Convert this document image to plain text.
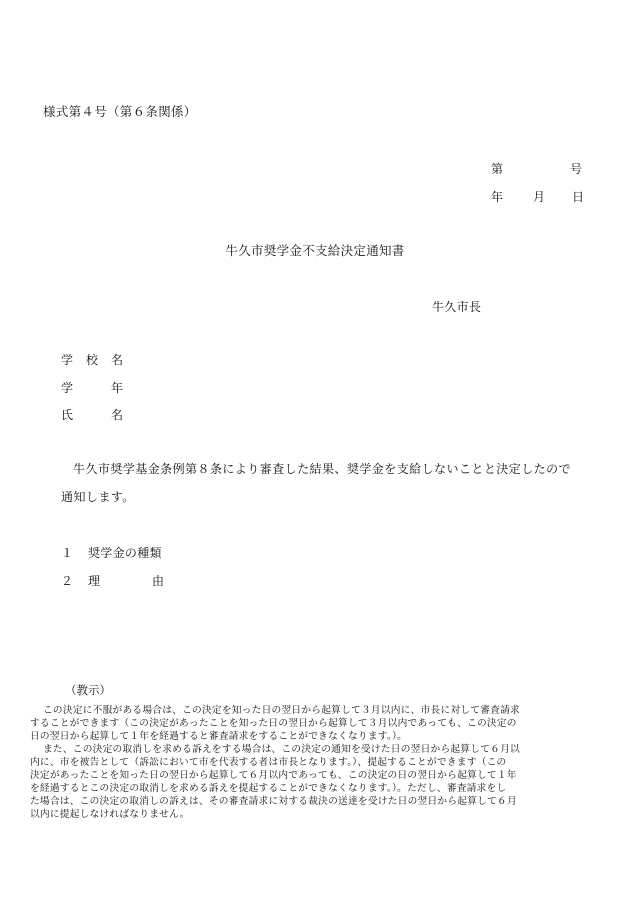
様式第４号（第６条関係）
第	号
年 月 日
牛久市奨学金不支給決定通知書
牛久市長
学 校 名
学	年
氏	名
牛久市奨学基金条例第８条により審査した結果、奨学金を支給しないことと決定したので
通知します。
１ 奨学金の種類
２ 理	由
（教示）
この決定に不服がある場合は、この決定を知った日の翌日から起算して３月以内に、市長に対して審査請求
することができます（この決定があったことを知った日の翌日から起算して３月以内であっても、この決定の
日の翌日から起算して１年を経過すると審査請求をすることができなくなります。）。
また、この決定の取消しを求める訴えをする場合は、この決定の通知を受けた日の翌日から起算して６月以
内に、市を被告として（訴訟において市を代表する者は市長となります。）、提起することができます（この
決定があったことを知った日の翌日から起算して６月以内であっても、この決定の日の翌日から起算して１年
を経過するとこの決定の取消しを求める訴えを提起することができなくなります。）。ただし、審査請求をし
た場合は、この決定の取消しの訴えは、その審査請求に対する裁決の送達を受けた日の翌日から起算して６月
以内に提起しなければなりません。
